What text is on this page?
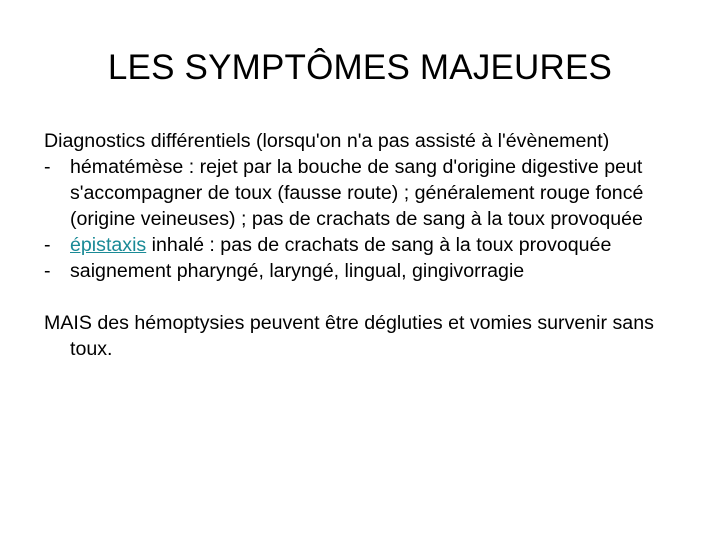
LES SYMPTÔMES MAJEURES

Diagnostics différentiels (lorsqu'on n'a pas assisté à l'évènement)

- hématémèse : rejet par la bouche de sang d'origine digestive peut s'accompagner de toux (fausse route) ; généralement rouge foncé (origine veineuses) ; pas de crachats de sang à la toux provoquée

- épistaxis inhalé : pas de crachats de sang à la toux provoquée

- saignement pharyngé, laryngé, lingual, gingivorragie

MAIS des hémoptysies peuvent être dégluties et vomies survenir sans toux.
